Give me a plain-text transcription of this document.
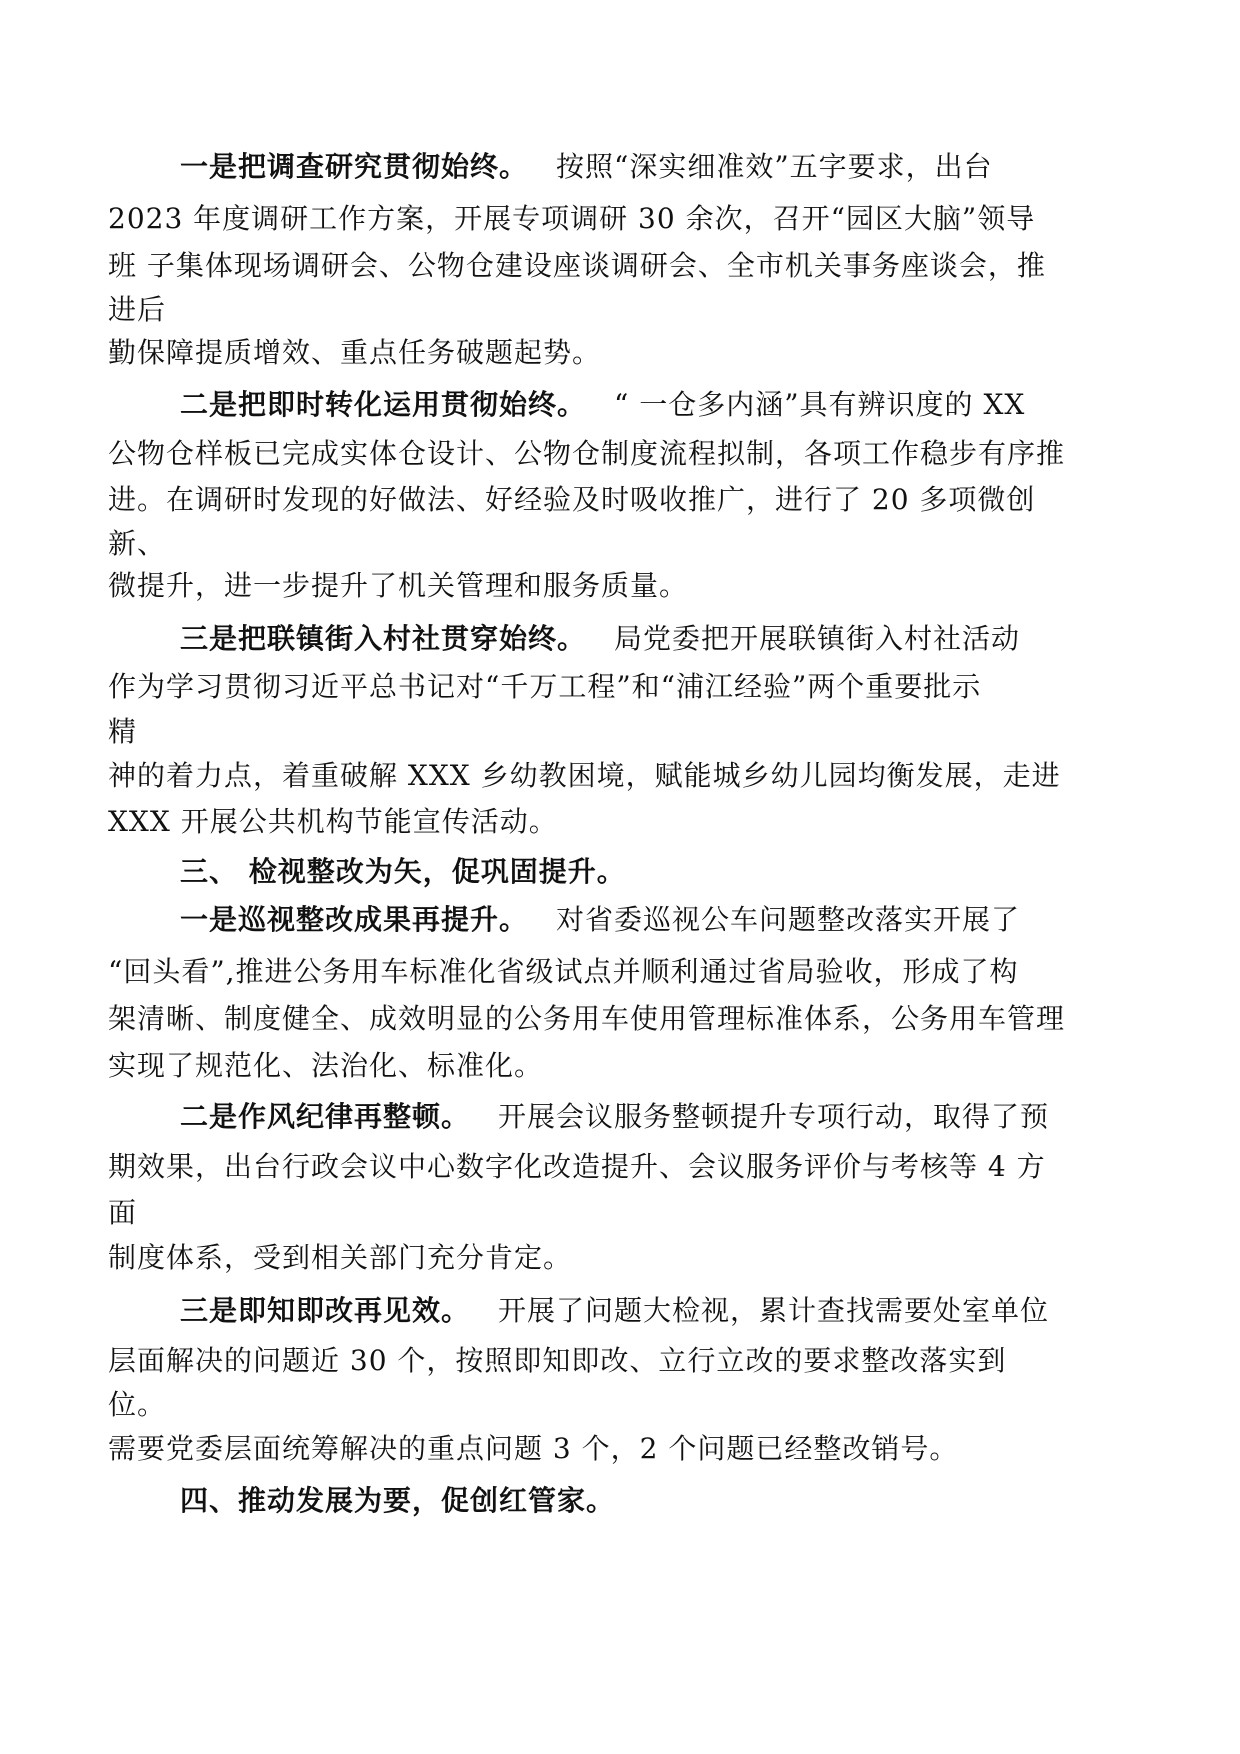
一是把调查研究贯彻始终。 按照“深实细准效”五字要求，出台
2023 年度调研工作方案，开展专项调研 30 余次，召开“园区大脑”领导
班 子集体现场调研会、公物仓建设座谈调研会、全市机关事务座谈会，推
进后
勤保障提质增效、重点任务破题起势。
二是把即时转化运用贯彻始终。 “ 一仓多内涵”具有辨识度的 XX
公物仓样板已完成实体仓设计、公物仓制度流程拟制，各项工作稳步有序推
进。在调研时发现的好做法、好经验及时吸收推广，进行了 20 多项微创
新、
微提升，进一步提升了机关管理和服务质量。
三是把联镇街入村社贯穿始终。 局党委把开展联镇街入村社活动
作为学习贯彻习近平总书记对“千万工程”和“浦江经验”两个重要批示
精
神的着力点，着重破解 XXX 乡幼教困境，赋能城乡幼儿园均衡发展，走进
XXX 开展公共机构节能宣传活动。
三、 检视整改为矢，促巩固提升。
一是巡视整改成果再提升。 对省委巡视公车问题整改落实开展了
“回头看”,推进公务用车标准化省级试点并顺利通过省局验收，形成了构
架清晰、制度健全、成效明显的公务用车使用管理标准体系，公务用车管理
实现了规范化、法治化、标准化。
二是作风纪律再整顿。 开展会议服务整顿提升专项行动，取得了预
期效果，出台行政会议中心数字化改造提升、会议服务评价与考核等 4 方
面
制度体系，受到相关部门充分肯定。
三是即知即改再见效。 开展了问题大检视，累计查找需要处室单位
层面解决的问题近 30 个，按照即知即改、立行立改的要求整改落实到
位。
需要党委层面统筹解决的重点问题 3 个，2 个问题已经整改销号。
四、推动发展为要，促创红管家。
